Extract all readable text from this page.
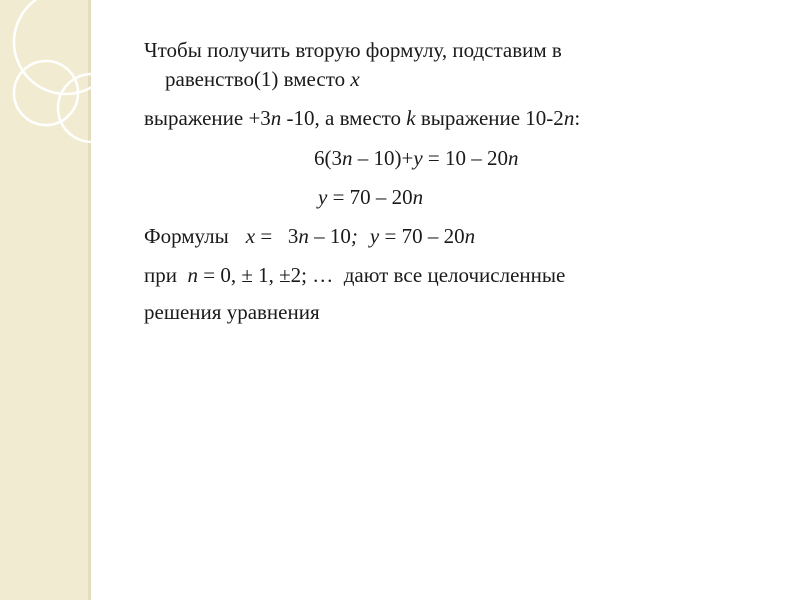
Чтобы получить вторую формулу, подставим в
равенство(1) вместо x
выражение +3n -10, а вместо k выражение 10-2n:
6(3n – 10)+y = 10 – 20n
y = 70 – 20n
Формулы x =   3n – 10; y = 70 – 20n
при  n = 0, ± 1, ±2; …  дают все целочисленные
решения уравнения
